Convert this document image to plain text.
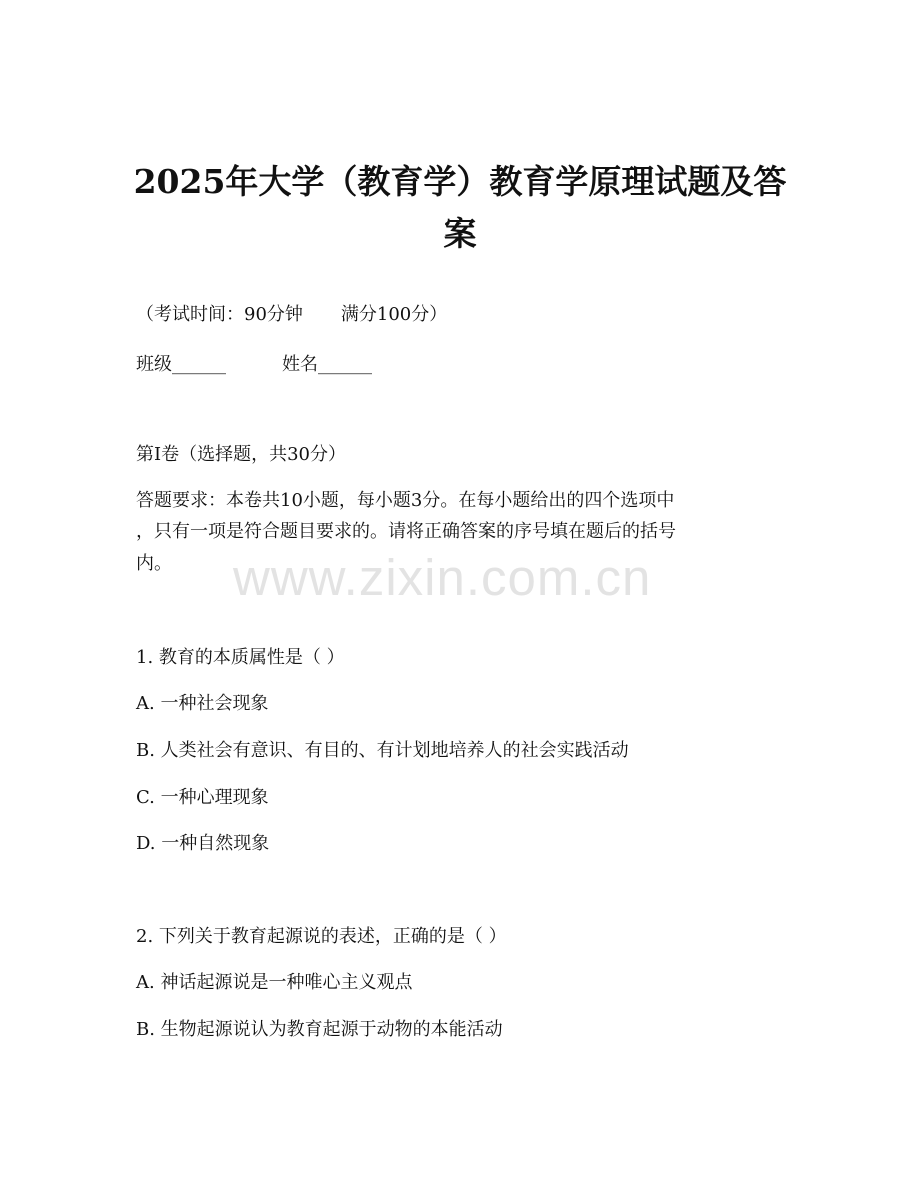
www.zixin.com.cn
2025年大学（教育学）教育学原理试题及答
案

（考试时间：90分钟 满分100分）

班级______	姓名______

第I卷（选择题，共30分）

答题要求：本卷共10小题，每小题3分。在每小题给出的四个选项中

，只有一项是符合题目要求的。请将正确答案的序号填在题后的括号

内。

1. 教育的本质属性是（ ）

A. 一种社会现象

B. 人类社会有意识、有目的、有计划地培养人的社会实践活动

C. 一种心理现象

D. 一种自然现象

2. 下列关于教育起源说的表述，正确的是（ ）

A. 神话起源说是一种唯心主义观点

B. 生物起源说认为教育起源于动物的本能活动
